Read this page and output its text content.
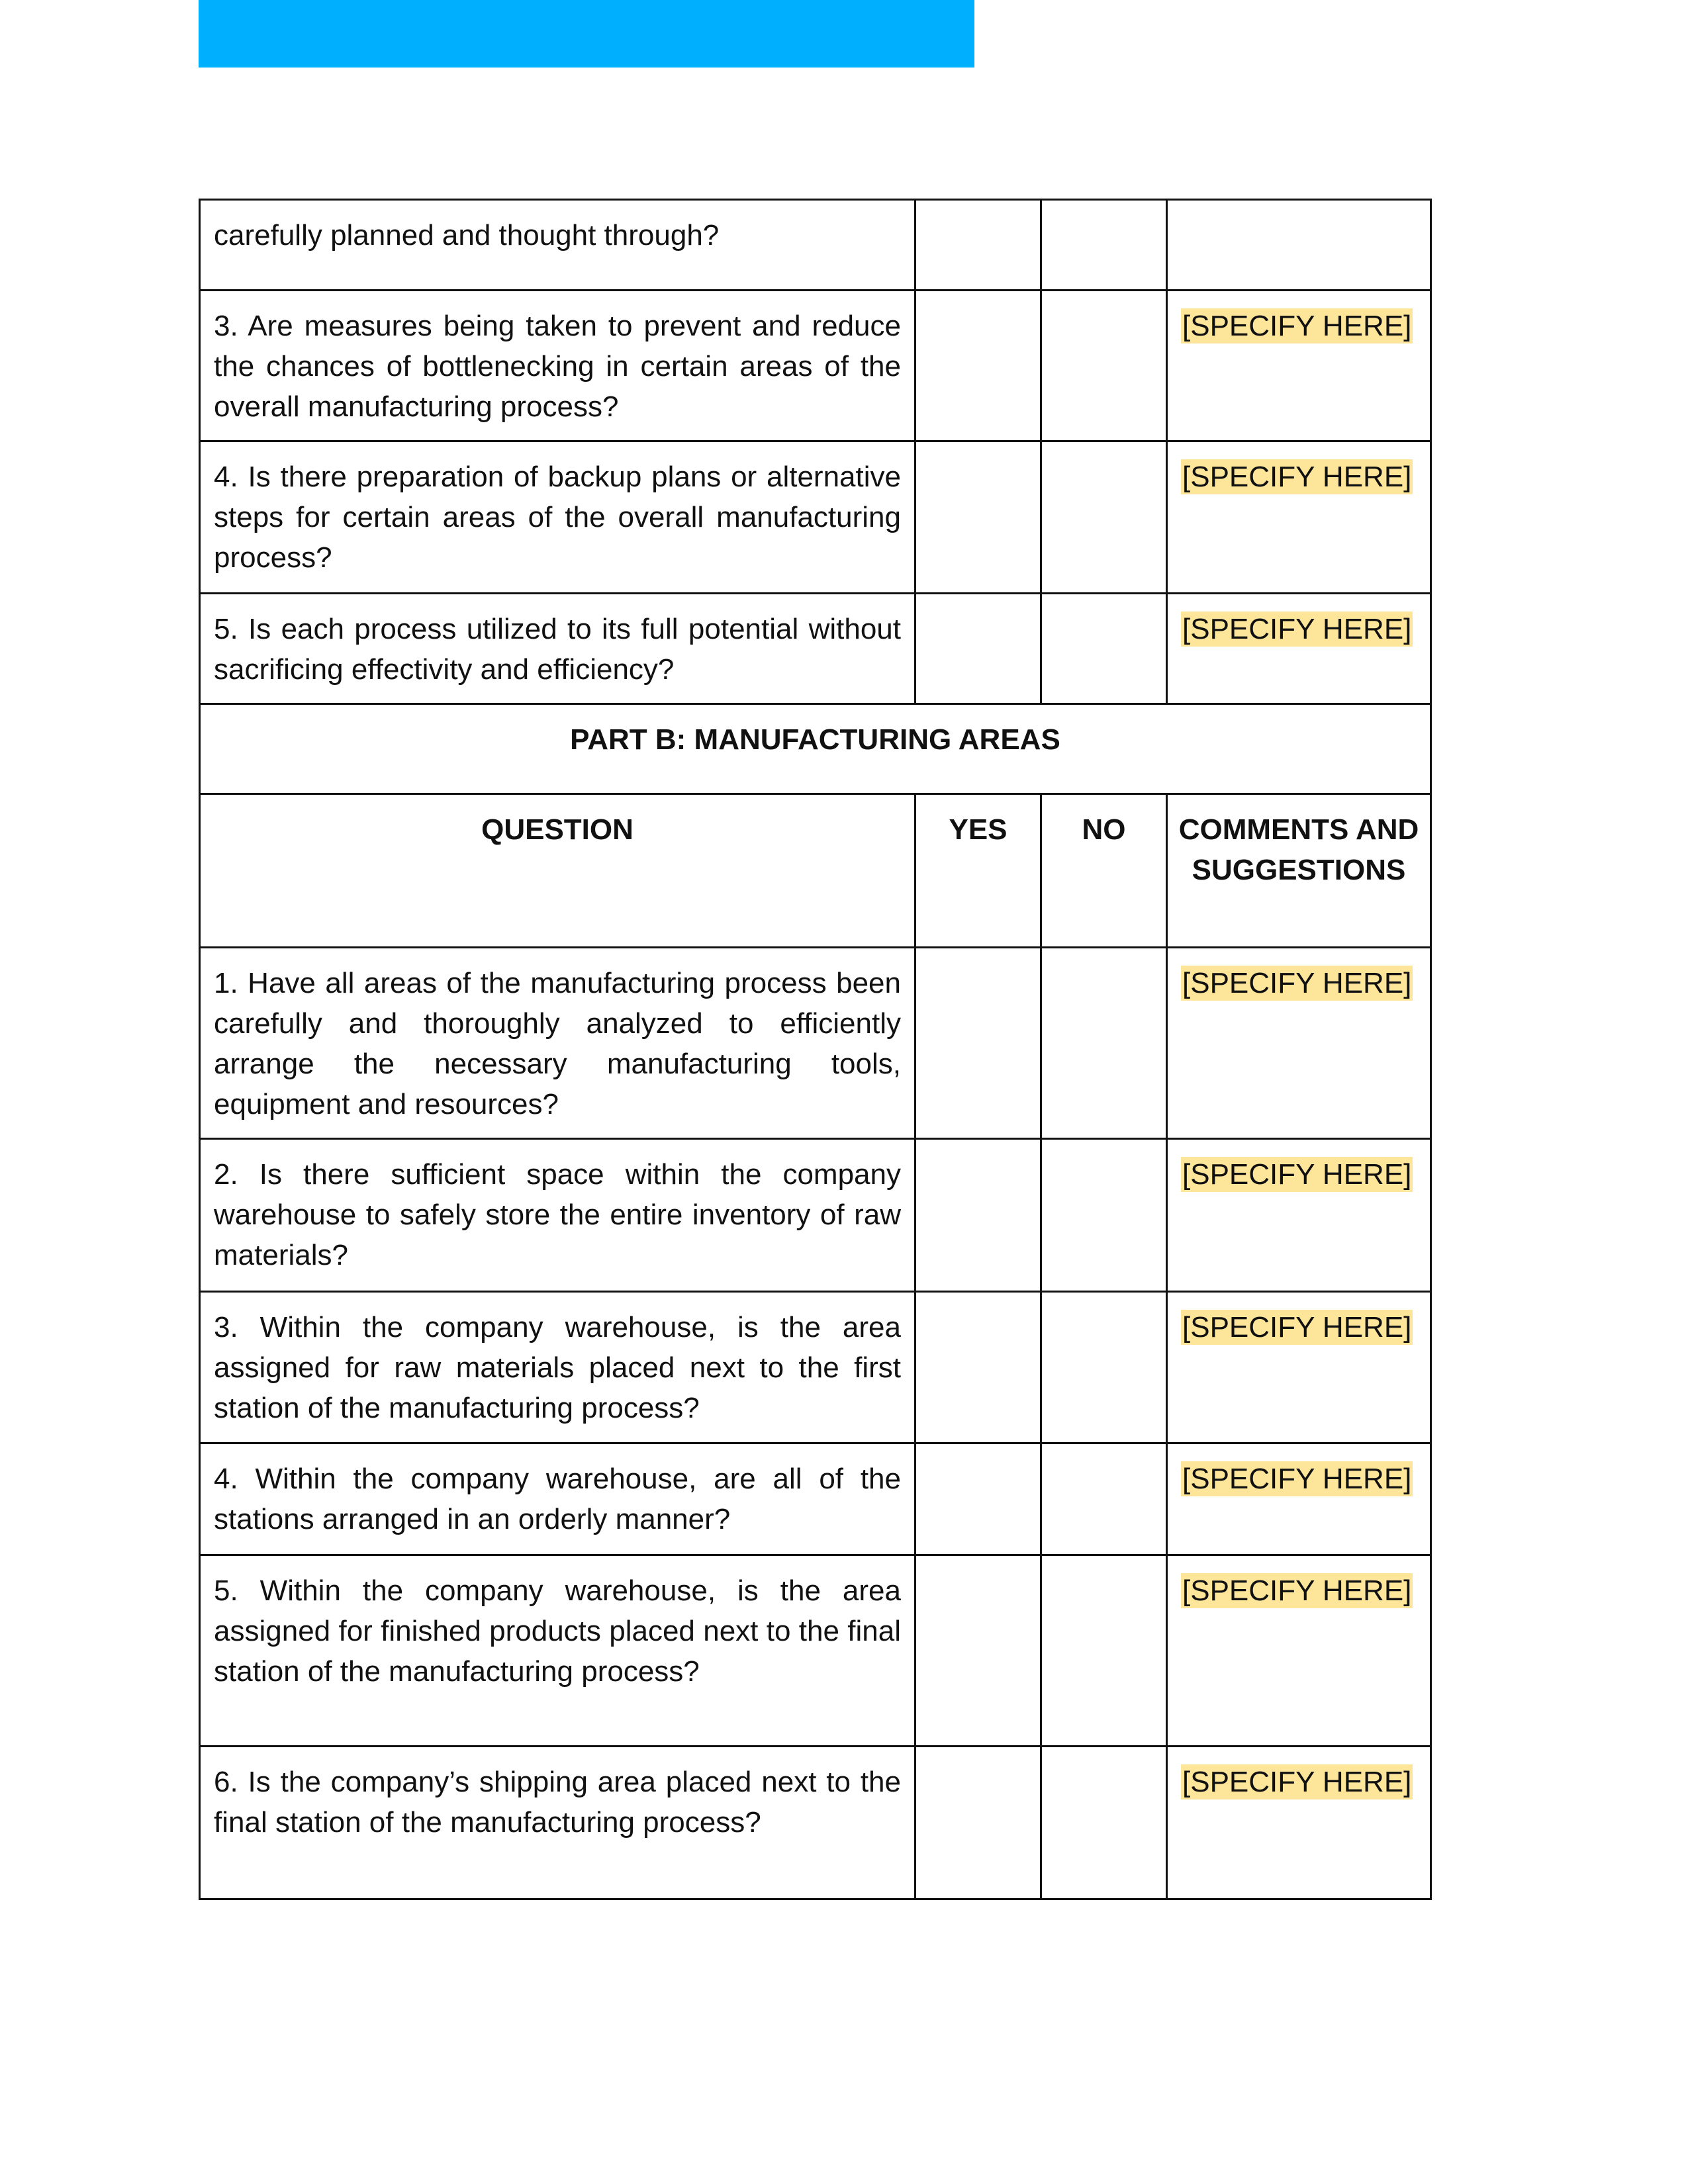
carefully planned and thought through?			
3. Are measures being taken to prevent and reduce the chances of bottlenecking in certain areas of the overall manufacturing process?			[SPECIFY HERE]
4. Is there preparation of backup plans or alternative steps for certain areas of the overall manufacturing process?			[SPECIFY HERE]
5. Is each process utilized to its full potential without sacrificing effectivity and efficiency?			[SPECIFY HERE]
PART B: MANUFACTURING AREAS			
QUESTION	YES	NO	COMMENTS AND SUGGESTIONS
1. Have all areas of the manufacturing process been carefully and thoroughly analyzed to efficiently arrange the necessary manufacturing tools, equipment and resources?			[SPECIFY HERE]
2. Is there sufficient space within the company warehouse to safely store the entire inventory of raw materials?			[SPECIFY HERE]
3. Within the company warehouse, is the area assigned for raw materials placed next to the first station of the manufacturing process?			[SPECIFY HERE]
4. Within the company warehouse, are all of the stations arranged in an orderly manner?			[SPECIFY HERE]
5. Within the company warehouse, is the area assigned for finished products placed next to the final station of the manufacturing process?			[SPECIFY HERE]
6. Is the company’s shipping area placed next to the final station of the manufacturing process?			[SPECIFY HERE]
